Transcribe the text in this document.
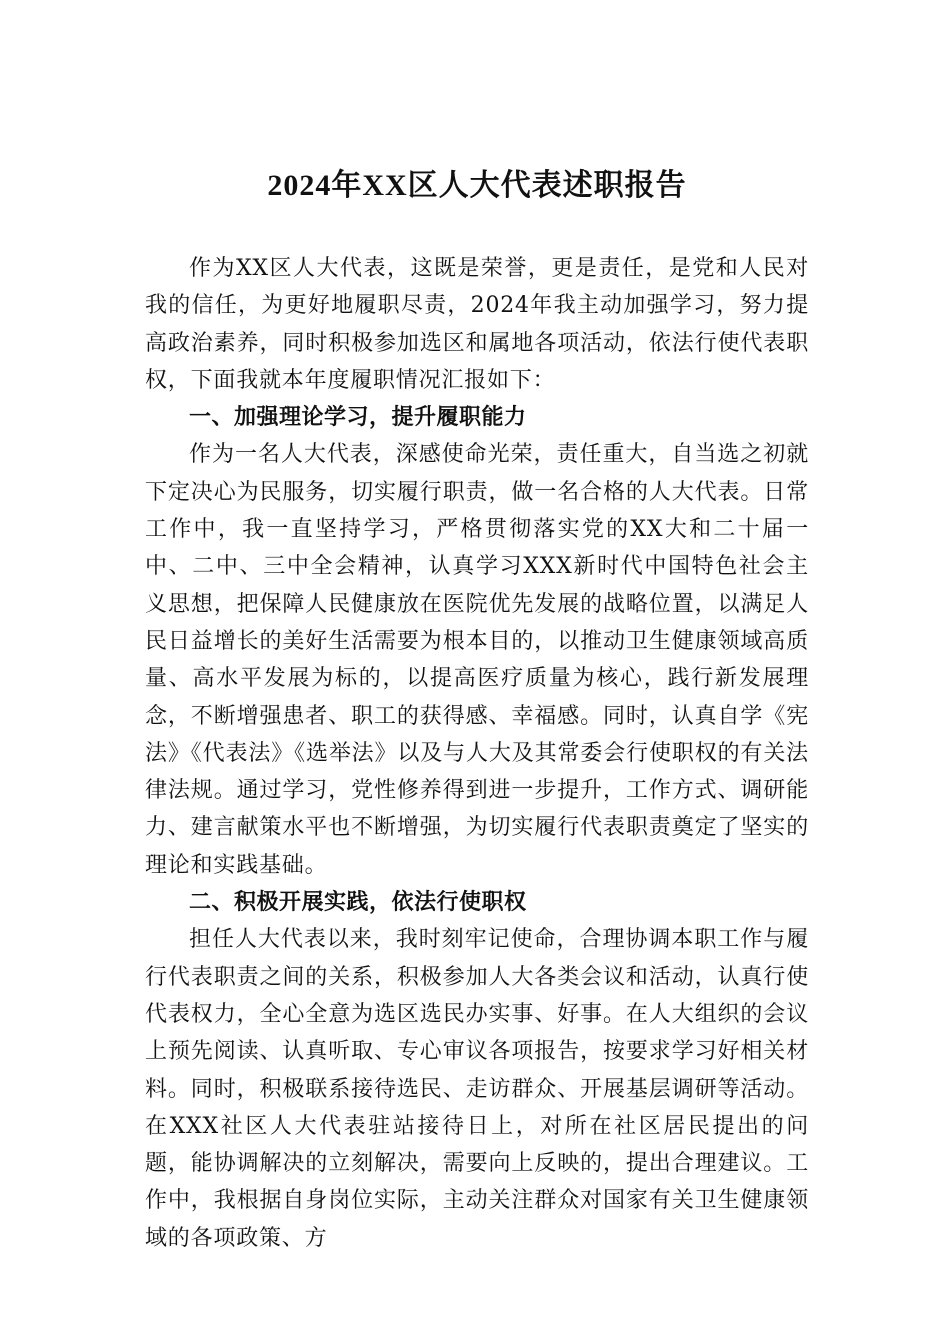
2024年XX区人大代表述职报告

作为XX区人大代表，这既是荣誉，更是责任，是党和人民对我的信任，为更好地履职尽责，2024年我主动加强学习，努力提高政治素养，同时积极参加选区和属地各项活动，依法行使代表职权，下面我就本年度履职情况汇报如下：

一、加强理论学习，提升履职能力

作为一名人大代表，深感使命光荣，责任重大，自当选之初就下定决心为民服务，切实履行职责，做一名合格的人大代表。日常工作中，我一直坚持学习，严格贯彻落实党的XX大和二十届一中、二中、三中全会精神，认真学习XXX新时代中国特色社会主义思想，把保障人民健康放在医院优先发展的战略位置，以满足人民日益增长的美好生活需要为根本目的，以推动卫生健康领域高质量、高水平发展为标的，以提高医疗质量为核心，践行新发展理念，不断增强患者、职工的获得感、幸福感。同时，认真自学《宪法》《代表法》《选举法》以及与人大及其常委会行使职权的有关法律法规。通过学习，党性修养得到进一步提升，工作方式、调研能力、建言献策水平也不断增强，为切实履行代表职责奠定了坚实的理论和实践基础。

二、积极开展实践，依法行使职权

担任人大代表以来，我时刻牢记使命，合理协调本职工作与履行代表职责之间的关系，积极参加人大各类会议和活动，认真行使代表权力，全心全意为选区选民办实事、好事。在人大组织的会议上预先阅读、认真听取、专心审议各项报告，按要求学习好相关材料。同时，积极联系接待选民、走访群众、开展基层调研等活动。在XXX社区人大代表驻站接待日上，对所在社区居民提出的问题，能协调解决的立刻解决，需要向上反映的，提出合理建议。工作中，我根据自身岗位实际，主动关注群众对国家有关卫生健康领域的各项政策、方
